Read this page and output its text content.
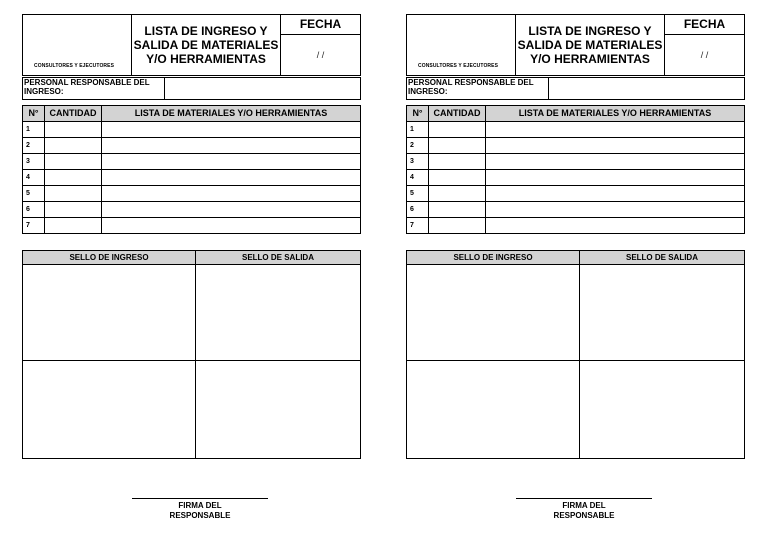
CONSULTORES Y EJECUTORES
LISTA DE INGRESO Y
SALIDA DE MATERIALES
Y/O HERRAMIENTAS
FECHA
/ /
PERSONAL RESPONSABLE DEL
INGRESO:
N°	CANTIDAD	LISTA DE MATERIALES Y/O HERRAMIENTAS
1		
2		
3		
4		
5		
6		
7		
SELLO DE INGRESO	SELLO DE SALIDA
FIRMA DEL
RESPONSABLE
CONSULTORES Y EJECUTORES
LISTA DE INGRESO Y
SALIDA DE MATERIALES
Y/O HERRAMIENTAS
FECHA
/ /
PERSONAL RESPONSABLE DEL
INGRESO:
N°	CANTIDAD	LISTA DE MATERIALES Y/O HERRAMIENTAS
1		
2		
3		
4		
5		
6		
7		
SELLO DE INGRESO	SELLO DE SALIDA
FIRMA DEL
RESPONSABLE
